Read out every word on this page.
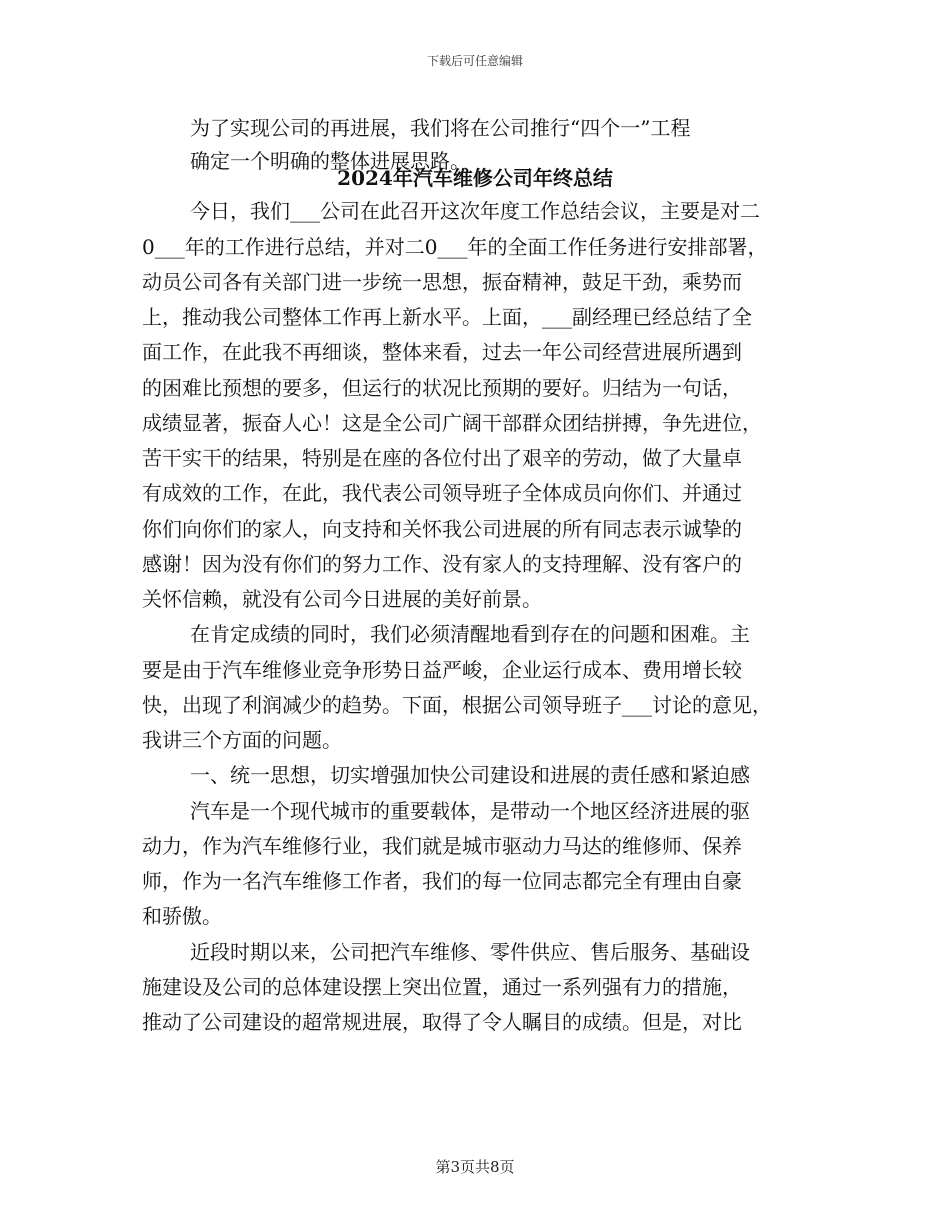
下载后可任意编辑
为了实现公司的再进展，我们将在公司推行“四个一”工程
确定一个明确的整体进展思路。
2024年汽车维修公司年终总结
今日，我们___公司在此召开这次年度工作总结会议，主要是对二
0___年的工作进行总结，并对二0___年的全面工作任务进行安排部署，
动员公司各有关部门进一步统一思想，振奋精神，鼓足干劲，乘势而
上，推动我公司整体工作再上新水平。上面，___副经理已经总结了全
面工作，在此我不再细谈，整体来看，过去一年公司经营进展所遇到
的困难比预想的要多，但运行的状况比预期的要好。归结为一句话，
成绩显著，振奋人心！这是全公司广阔干部群众团结拼搏，争先进位，
苦干实干的结果，特别是在座的各位付出了艰辛的劳动，做了大量卓
有成效的工作，在此，我代表公司领导班子全体成员向你们、并通过
你们向你们的家人，向支持和关怀我公司进展的所有同志表示诚挚的
感谢！因为没有你们的努力工作、没有家人的支持理解、没有客户的
关怀信赖，就没有公司今日进展的美好前景。
在肯定成绩的同时，我们必须清醒地看到存在的问题和困难。主
要是由于汽车维修业竞争形势日益严峻，企业运行成本、费用增长较
快，出现了利润减少的趋势。下面，根据公司领导班子___讨论的意见，
我讲三个方面的问题。
一、统一思想，切实增强加快公司建设和进展的责任感和紧迫感
汽车是一个现代城市的重要载体，是带动一个地区经济进展的驱
动力，作为汽车维修行业，我们就是城市驱动力马达的维修师、保养
师，作为一名汽车维修工作者，我们的每一位同志都完全有理由自豪
和骄傲。
近段时期以来，公司把汽车维修、零件供应、售后服务、基础设
施建设及公司的总体建设摆上突出位置，通过一系列强有力的措施，
推动了公司建设的超常规进展，取得了令人瞩目的成绩。但是，对比
第3页共8页
